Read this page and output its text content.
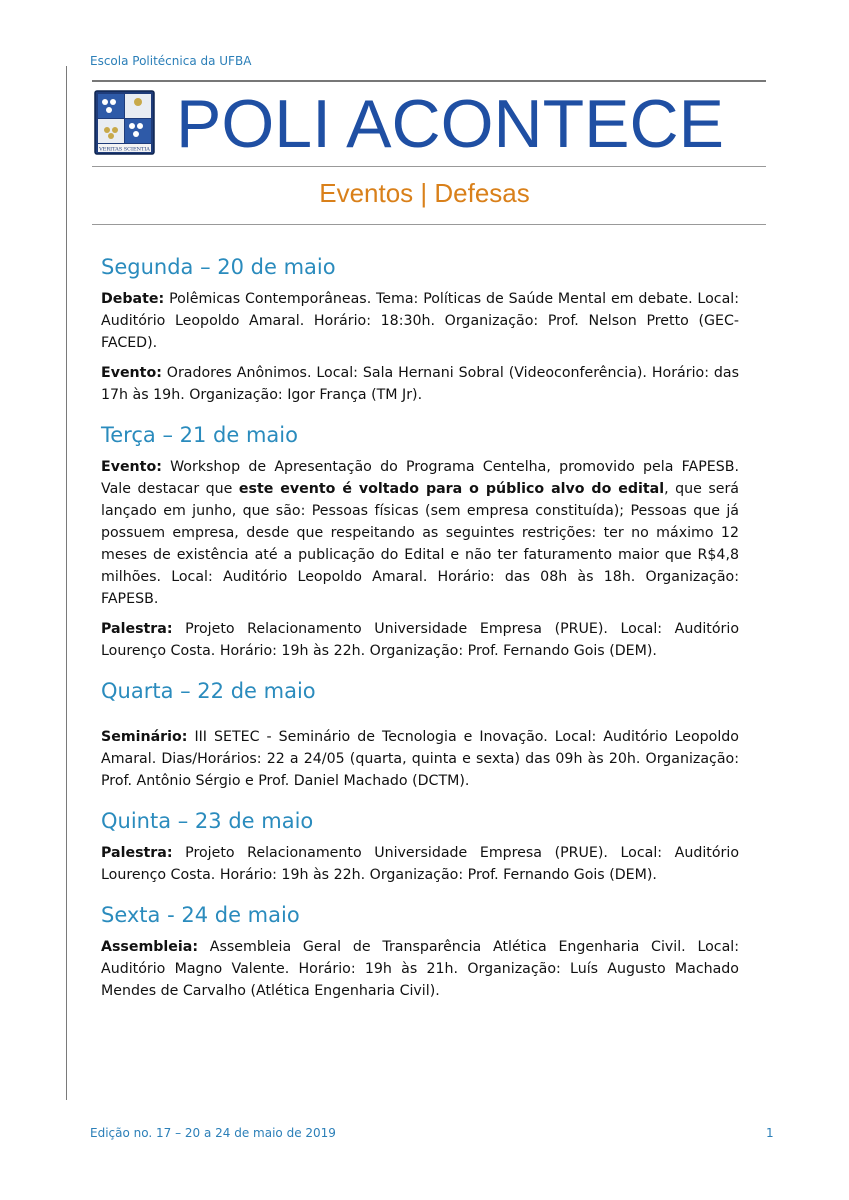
Escola Politécnica da UFBA
VERITAS SCIENTIA POLI ACONTECE
Eventos | Defesas
Segunda – 20 de maio

Debate: Polêmicas Contemporâneas. Tema: Políticas de Saúde Mental em debate. Local: Auditório Leopoldo Amaral. Horário: 18:30h. Organização: Prof. Nelson Pretto (GEC-FACED).

Evento: Oradores Anônimos. Local: Sala Hernani Sobral (Videoconferência). Horário: das 17h às 19h. Organização: Igor França (TM Jr).

Terça – 21 de maio

Evento: Workshop de Apresentação do Programa Centelha, promovido pela FAPESB. Vale destacar que este evento é voltado para o público alvo do edital, que será lançado em junho, que são: Pessoas físicas (sem empresa constituída); Pessoas que já possuem empresa, desde que respeitando as seguintes restrições: ter no máximo 12 meses de existência até a publicação do Edital e não ter faturamento maior que R$4,8 milhões. Local: Auditório Leopoldo Amaral. Horário: das 08h às 18h. Organização: FAPESB.

Palestra: Projeto Relacionamento Universidade Empresa (PRUE). Local: Auditório Lourenço Costa. Horário: 19h às 22h. Organização: Prof. Fernando Gois (DEM).

Quarta – 22 de maio

Seminário: III SETEC - Seminário de Tecnologia e Inovação. Local: Auditório Leopoldo Amaral. Dias/Horários: 22 a 24/05 (quarta, quinta e sexta) das 09h às 20h. Organização: Prof. Antônio Sérgio e Prof. Daniel Machado (DCTM).

Quinta – 23 de maio

Palestra: Projeto Relacionamento Universidade Empresa (PRUE). Local: Auditório Lourenço Costa. Horário: 19h às 22h. Organização: Prof. Fernando Gois (DEM).

Sexta - 24 de maio

Assembleia: Assembleia Geral de Transparência Atlética Engenharia Civil. Local: Auditório Magno Valente. Horário: 19h às 21h. Organização: Luís Augusto Machado Mendes de Carvalho (Atlética Engenharia Civil).

Edição no. 17 – 20 a 24 de maio de 2019	1
